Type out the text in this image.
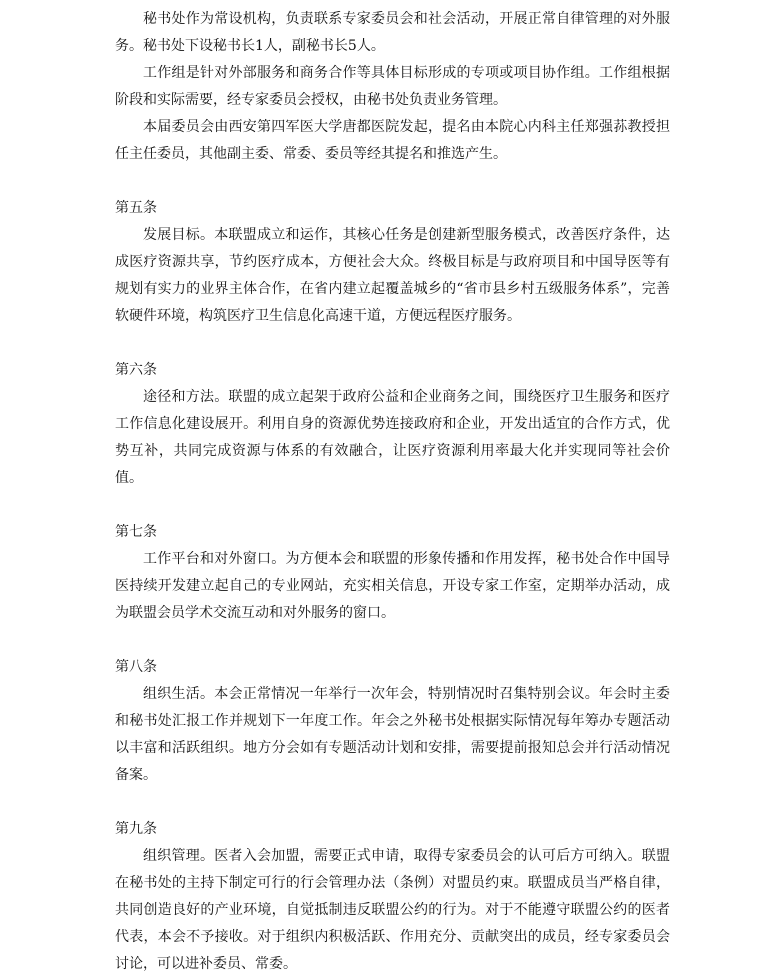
秘书处作为常设机构，负责联系专家委员会和社会活动，开展正常自律管理的对外服务。秘书处下设秘书长1人，副秘书长5人。

工作组是针对外部服务和商务合作等具体目标形成的专项或项目协作组。工作组根据阶段和实际需要，经专家委员会授权，由秘书处负责业务管理。

本届委员会由西安第四军医大学唐都医院发起，提名由本院心内科主任郑强荪教授担任主任委员，其他副主委、常委、委员等经其提名和推选产生。

第五条

发展目标。本联盟成立和运作，其核心任务是创建新型服务模式，改善医疗条件，达成医疗资源共享，节约医疗成本，方便社会大众。终极目标是与政府项目和中国导医等有规划有实力的业界主体合作，在省内建立起覆盖城乡的“省市县乡村五级服务体系”，完善软硬件环境，构筑医疗卫生信息化高速干道，方便远程医疗服务。

第六条

途径和方法。联盟的成立起架于政府公益和企业商务之间，围绕医疗卫生服务和医疗工作信息化建设展开。利用自身的资源优势连接政府和企业，开发出适宜的合作方式，优势互补，共同完成资源与体系的有效融合，让医疗资源利用率最大化并实现同等社会价值。

第七条

工作平台和对外窗口。为方便本会和联盟的形象传播和作用发挥，秘书处合作中国导医持续开发建立起自己的专业网站，充实相关信息，开设专家工作室，定期举办活动，成为联盟会员学术交流互动和对外服务的窗口。

第八条

组织生活。本会正常情况一年举行一次年会，特别情况时召集特别会议。年会时主委和秘书处汇报工作并规划下一年度工作。年会之外秘书处根据实际情况每年筹办专题活动以丰富和活跃组织。地方分会如有专题活动计划和安排，需要提前报知总会并行活动情况备案。

第九条

组织管理。医者入会加盟，需要正式申请，取得专家委员会的认可后方可纳入。联盟在秘书处的主持下制定可行的行会管理办法（条例）对盟员约束。联盟成员当严格自律，共同创造良好的产业环境，自觉抵制违反联盟公约的行为。对于不能遵守联盟公约的医者代表，本会不予接收。对于组织内积极活跃、作用充分、贡献突出的成员，经专家委员会讨论，可以进补委员、常委。
